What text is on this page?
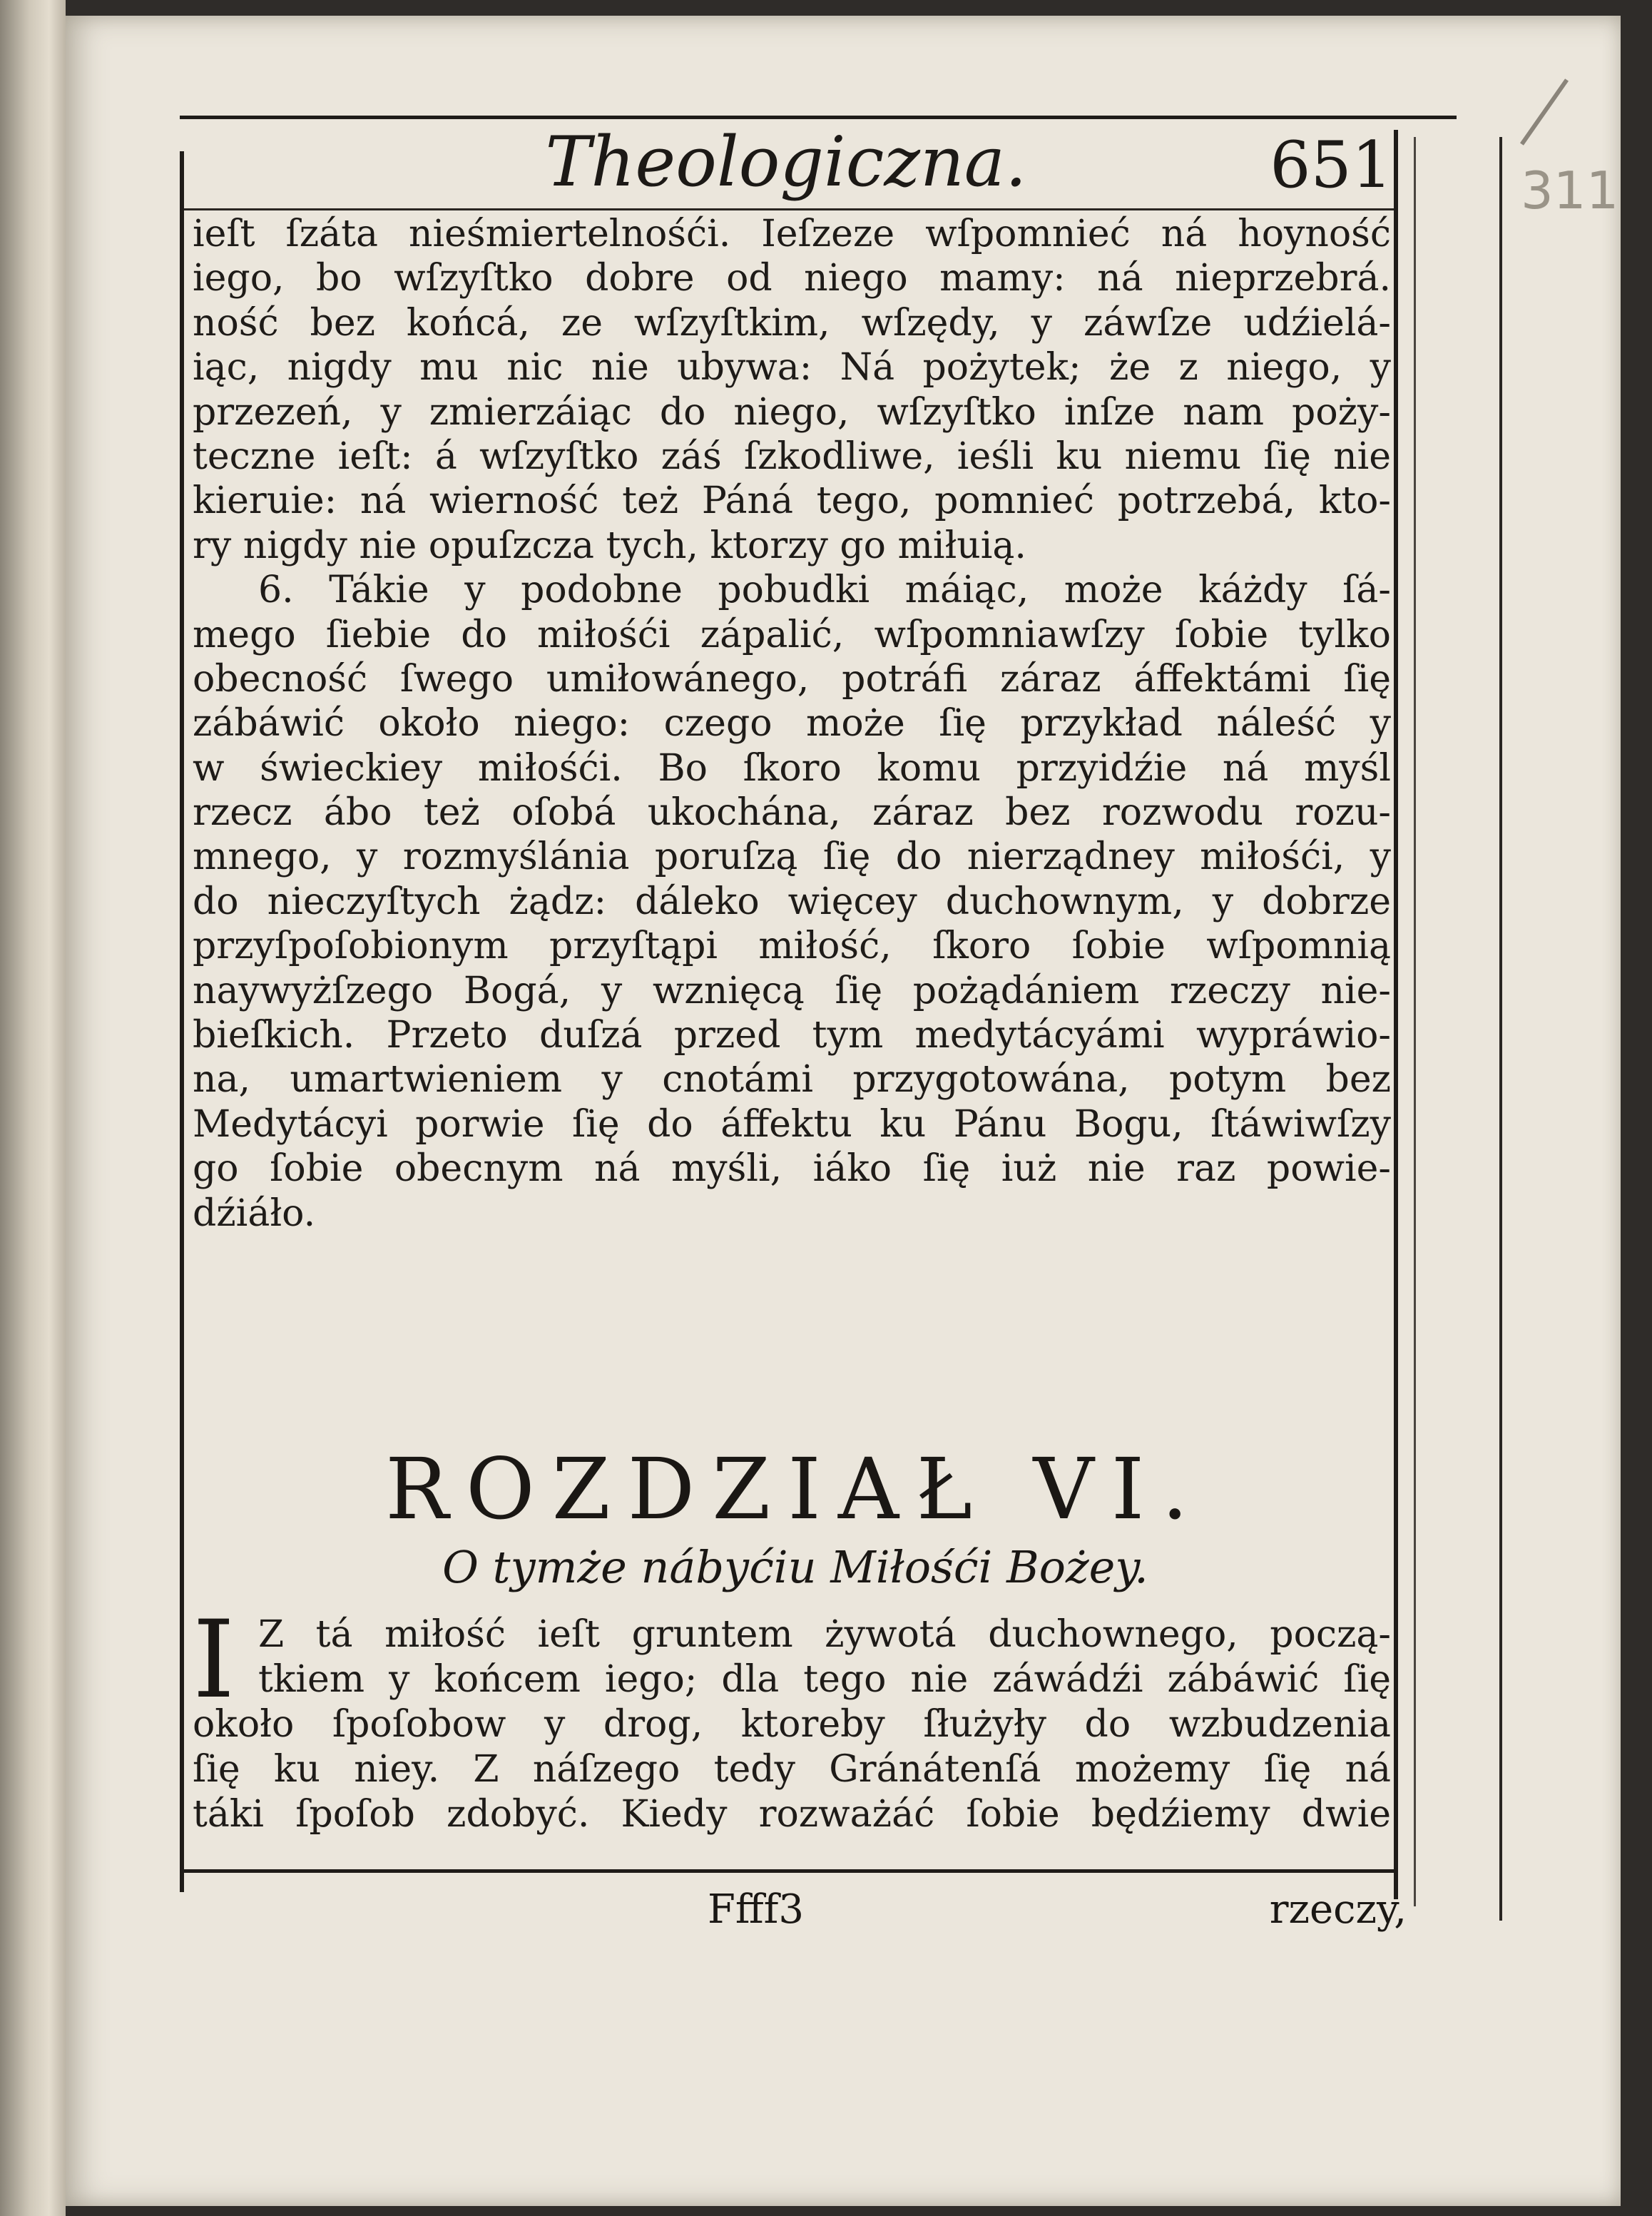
311
Theologiczna.	651
ieſt ſzáta nieśmiertelnośći. Ieſzeze wſpomnieć ná hoyność
iego, bo wſzyſtko dobre od niego mamy: ná nieprzebrá.
ność bez końcá, ze wſzyſtkim, wſzędy, y záwſze udźielá-
iąc, nigdy mu nic nie ubywa: Ná pożytek; że z niego, y
przezeń, y zmierzáiąc do niego, wſzyſtko inſze nam poży-
teczne ieſt: á wſzyſtko záś ſzkodliwe, ieśli ku niemu ſię nie
kieruie: ná wierność też Páná tego, pomnieć potrzebá, kto-
ry nigdy nie opuſzcza tych, ktorzy go miłuią.
6. Tákie y podobne pobudki máiąc, może káżdy ſá-
mego ſiebie do miłośći zápalić, wſpomniawſzy ſobie tylko
obecność ſwego umiłowánego, potráfi záraz áffektámi ſię
zábáwić około niego: czego może ſię przykład náleść y
w świeckiey miłośći. Bo ſkoro komu przyidźie ná myśl
rzecz ábo też oſobá ukochána, záraz bez rozwodu rozu-
mnego, y rozmyślánia poruſzą ſię do nierządney miłośći, y
do nieczyſtych żądz: dáleko więcey duchownym, y dobrze
przyſpoſobionym przyſtąpi miłość, ſkoro ſobie wſpomnią
naywyżſzego Bogá, y wznięcą ſię pożądániem rzeczy nie-
bieſkich. Przeto duſzá przed tym medytácyámi wypráwio-
na, umartwieniem y cnotámi przygotowána, potym bez
Medytácyi porwie ſię do áffektu ku Pánu Bogu, ſtáwiwſzy
go ſobie obecnym ná myśli, iáko ſię iuż nie raz powie-
dźiáło.
ROZDZIAŁ VI.
O tymże nábyćiu Miłośći Bożey.
I Z tá miłość ieſt gruntem żywotá duchownego, począ-
tkiem y końcem iego; dla tego nie záwádźi zábáwić ſię
około ſpoſobow y drog, ktoreby ſłużyły do wzbudzenia
ſię ku niey. Z náſzego tedy Gránátenſá możemy ſię ná
táki ſpoſob zdobyć. Kiedy rozważáć ſobie będźiemy dwie
Ffff3	rzeczy,
